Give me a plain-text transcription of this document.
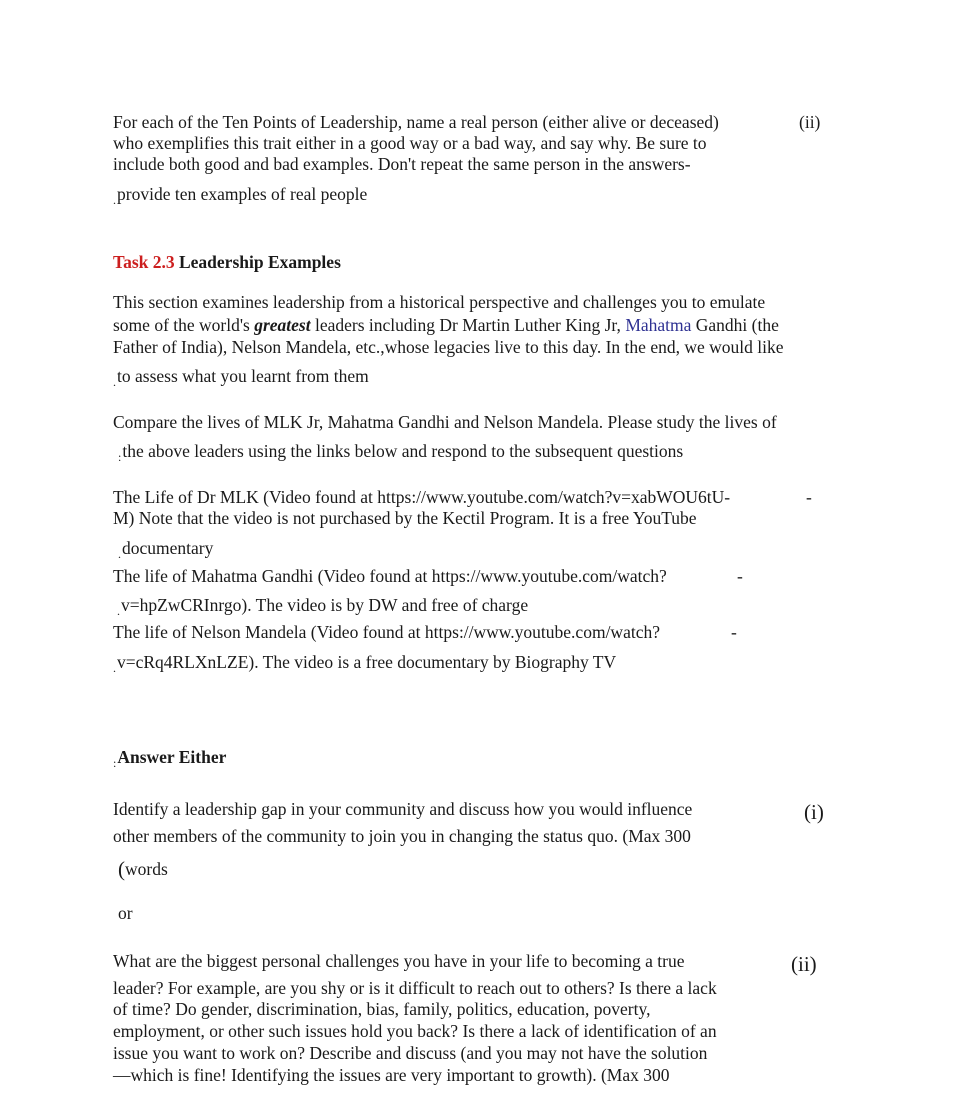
For each of the Ten Points of Leadership, name a real person (either alive or deceased)
who exemplifies this trait either in a good way or a bad way, and say why. Be sure to
include both good and bad examples. Don't repeat the same person in the answers-
$_.$provide ten examples of real people
(ii)
Task 2.3 Leadership Examples
This section examines leadership from a historical perspective and challenges you to emulate
some of the world's greatest leaders including Dr Martin Luther King Jr, Mahatma Gandhi (the
Father of India), Nelson Mandela, etc.,whose legacies live to this day. In the end, we would like
$_.$to assess what you learnt from them
Compare the lives of MLK Jr, Mahatma Gandhi and Nelson Mandela. Please study the lives of
$_:$the above leaders using the links below and respond to the subsequent questions
The Life of Dr MLK (Video found at https://www.youtube.com/watch?v=xabWOU6tU-	-
M) Note that the video is not purchased by the Kectil Program. It is a free YouTube
$_.$documentary
The life of Mahatma Gandhi (Video found at https://www.youtube.com/watch?	-
$_.$v=hpZwCRInrgo). The video is by DW and free of charge
The life of Nelson Mandela (Video found at https://www.youtube.com/watch?	-
$_.$v=cRq4RLXnLZE). The video is a free documentary by Biography TV
$_:$Answer Either
Identify a leadership gap in your community and discuss how you would influence	(i)
other members of the community to join you in changing the status quo. (Max 300
(words
or
What are the biggest personal challenges you have in your life to becoming a true	(ii)
leader? For example, are you shy or is it difficult to reach out to others? Is there a lack
of time? Do gender, discrimination, bias, family, politics, education, poverty,
employment, or other such issues hold you back? Is there a lack of identification of an
issue you want to work on? Describe and discuss (and you may not have the solution
—which is fine! Identifying the issues are very important to growth). (Max 300
